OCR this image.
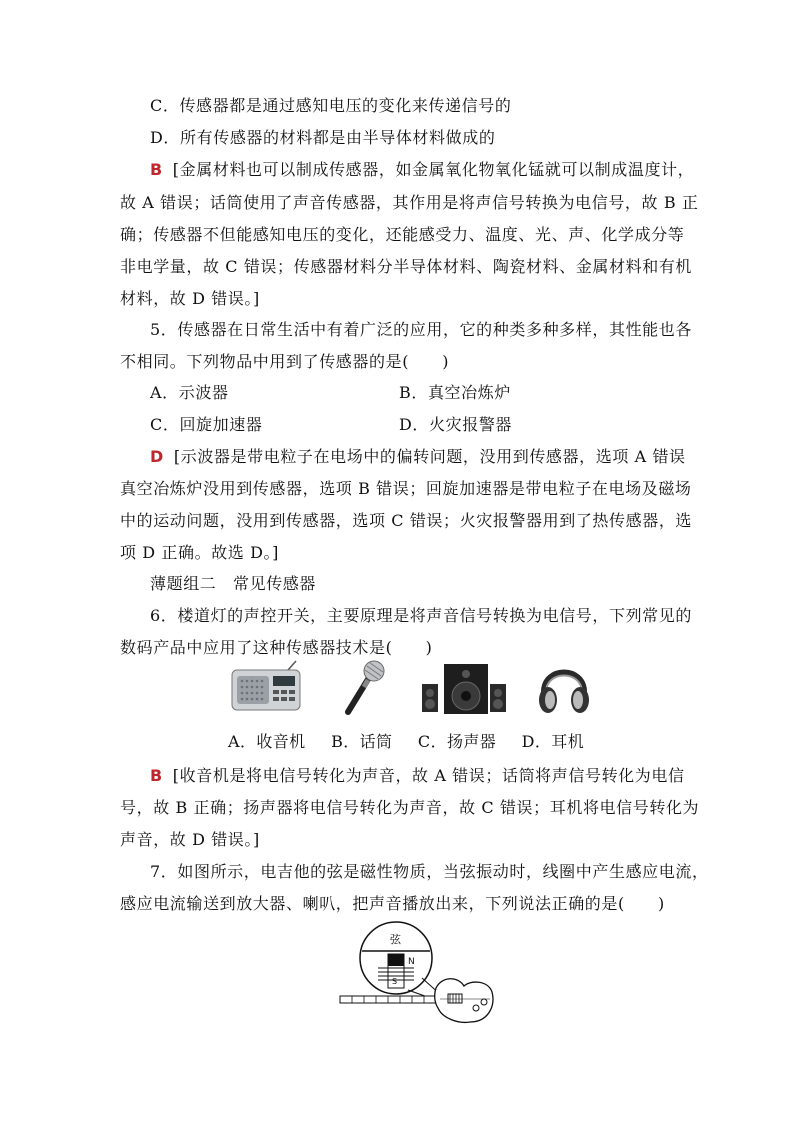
C．传感器都是通过感知电压的变化来传递信号的
D．所有传感器的材料都是由半导体材料做成的
B [金属材料也可以制成传感器，如金属氧化物氧化锰就可以制成温度计，
故 A 错误；话筒使用了声音传感器，其作用是将声信号转换为电信号，故 B 正
确；传感器不但能感知电压的变化，还能感受力、温度、光、声、化学成分等
非电学量，故 C 错误；传感器材料分半导体材料、陶瓷材料、金属材料和有机
材料，故 D 错误。]
5．传感器在日常生活中有着广泛的应用，它的种类多种多样，其性能也各
不相同。下列物品中用到了传感器的是(　　)
A．示波器	B．真空冶炼炉
C．回旋加速器	D．火灾报警器
D [示波器是带电粒子在电场中的偏转问题，没用到传感器，选项 A 错误
真空冶炼炉没用到传感器，选项 B 错误；回旋加速器是带电粒子在电场及磁场
中的运动问题，没用到传感器，选项 C 错误；火灾报警器用到了热传感器，选
项 D 正确。故选 D。]
薄题组二　常见传感器
6．楼道灯的声控开关，主要原理是将声音信号转换为电信号，下列常见的
数码产品中应用了这种传感器技术是(　　)
A．收音机 B．话筒 C．扬声器 D．耳机
B [收音机是将电信号转化为声音，故 A 错误；话筒将声信号转化为电信
号，故 B 正确；扬声器将电信号转化为声音，故 C 错误；耳机将电信号转化为
声音，故 D 错误。]
7．如图所示，电吉他的弦是磁性物质，当弦振动时，线圈中产生感应电流，
感应电流输送到放大器、喇叭，把声音播放出来，下列说法正确的是(　　)
弦
N
S
